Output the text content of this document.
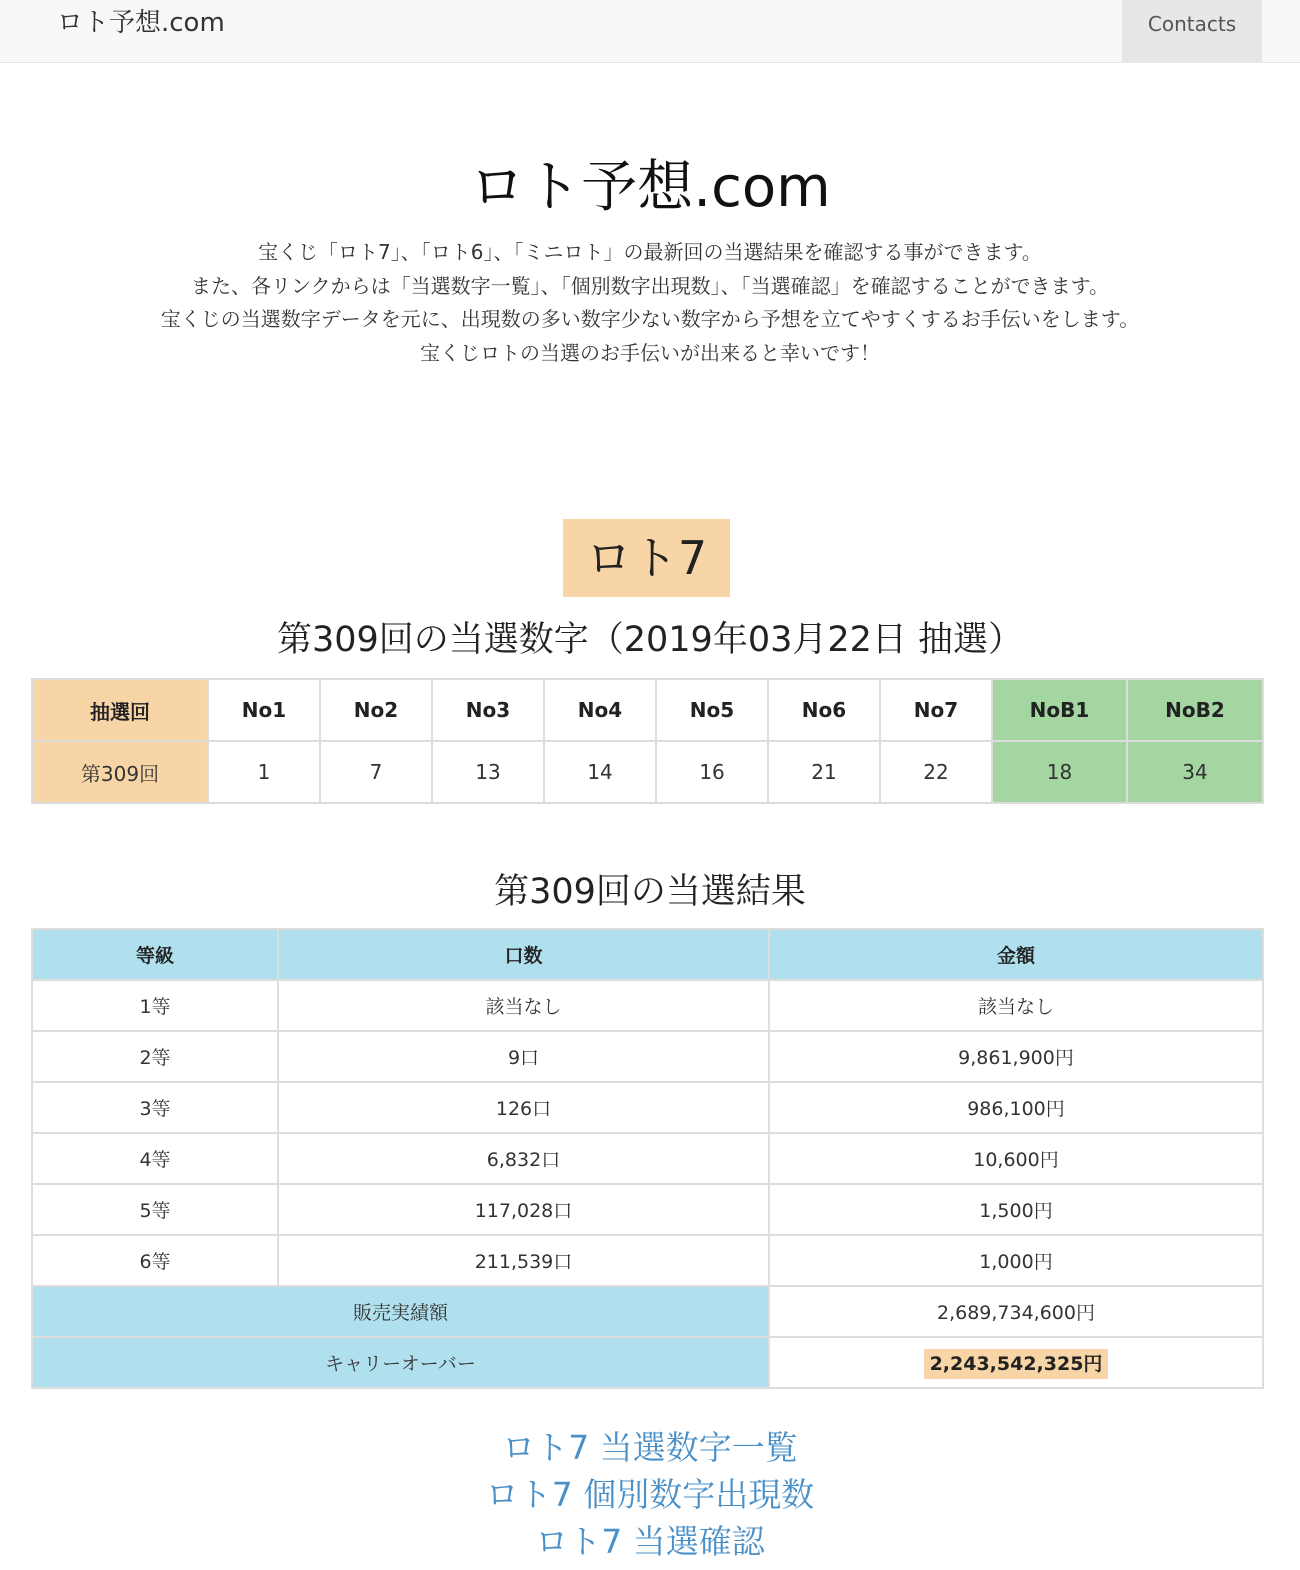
ロト予想.com	Contacts
ロト予想.com
宝くじ「ロト7」、「ロト6」、「ミニロト」の最新回の当選結果を確認する事ができます。
また、各リンクからは「当選数字一覧」、「個別数字出現数」、「当選確認」を確認することができます。
宝くじの当選数字データを元に、出現数の多い数字少ない数字から予想を立てやすくするお手伝いをします。
宝くじロトの当選のお手伝いが出来ると幸いです！
ロト7
第309回の当選数字（2019年03月22日 抽選）
抽選回	No1	No2	No3	No4	No5	No6	No7	NoB1	NoB2
第309回	1	7	13	14	16	21	22	18	34
第309回の当選結果
等級	口数	金額
1等	該当なし	該当なし
2等	9口	9,861,900円
3等	126口	986,100円
4等	6,832口	10,600円
5等	117,028口	1,500円
6等	211,539口	1,000円
販売実績額		2,689,734,600円
キャリーオーバー		2,243,542,325円
ロト7 当選数字一覧
ロト7 個別数字出現数
ロト7 当選確認
